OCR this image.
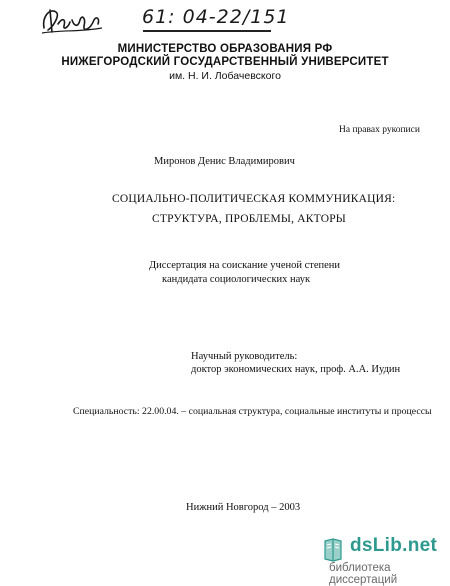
61: 04-22/151
МИНИСТЕРСТВО ОБРАЗОВАНИЯ РФ
НИЖЕГОРОДСКИЙ ГОСУДАРСТВЕННЫЙ УНИВЕРСИТЕТ
им. Н. И. Лобачевского
На правах рукописи
Миронов Денис Владимирович
СОЦИАЛЬНО-ПОЛИТИЧЕСКАЯ КОММУНИКАЦИЯ:
СТРУКТУРА, ПРОБЛЕМЫ, АКТОРЫ
Диссертация на соискание ученой степени
кандидата социологических наук
Научный руководитель:
доктор экономических наук, проф. А.А. Иудин
Специальность: 22.00.04. – социальная структура, социальные институты и процессы
Нижний Новгород – 2003
dsLib.net
библиотека диссертаций
